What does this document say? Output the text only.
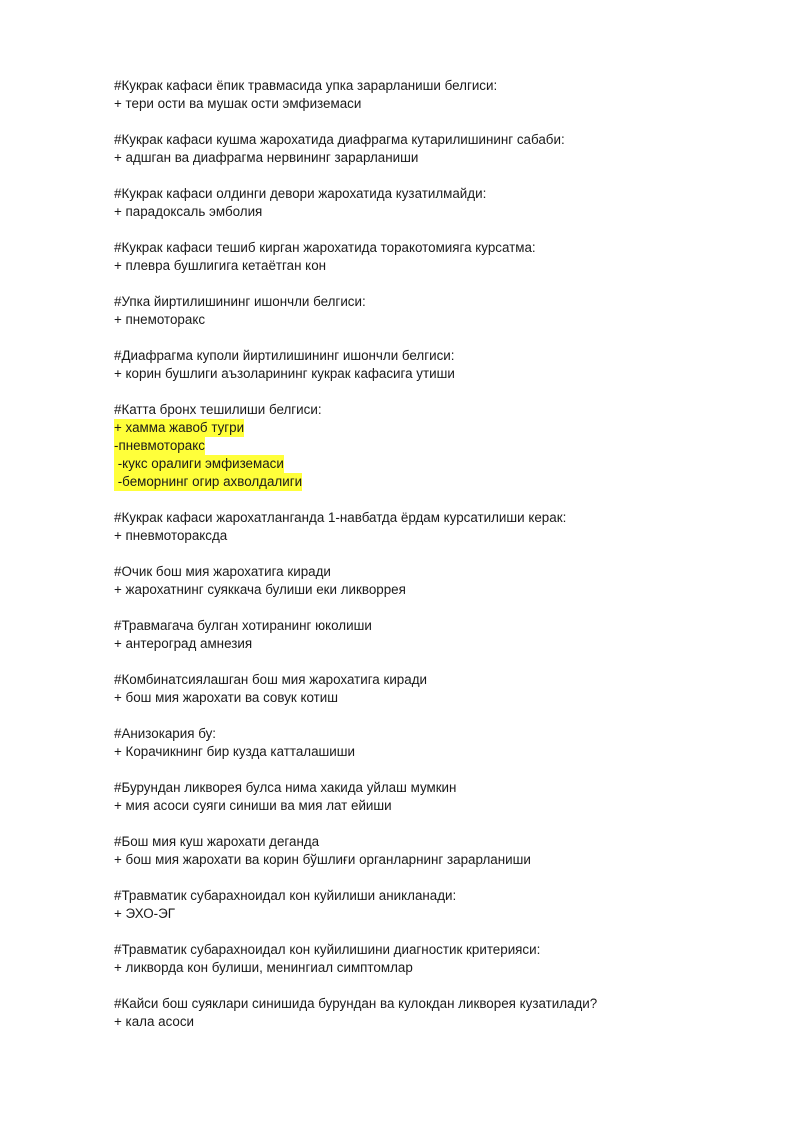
#Кукрак кафаси ёпик травмасида упка зарарланиши белгиси:
+ тери ости ва мушак ости эмфиземаси
#Кукрак кафаси кушма жарохатида диафрагма кутарилишининг сабаби:
+ адшган ва диафрагма нервининг зарарланиши
#Кукрак кафаси олдинги девори жарохатида кузатилмайди:
+ парадоксаль эмболия
#Кукрак кафаси тешиб кирган жарохатида торакотомияга курсатма:
+ плевра бушлигига кетаётган кон
#Упка йиртилишининг ишончли белгиси:
+ пнемоторакс
#Диафрагма куполи йиртилишининг ишончли белгиси:
+ корин бушлиги аъзоларининг кукрак кафасига утиши
#Катта бронх тешилиши белгиси:
+ хамма жавоб тугри
-пневмоторакс
-кукс оралиги эмфиземаси
-беморнинг огир ахволдалиги
#Кукрак кафаси жарохатланганда 1-навбатда ёрдам курсатилиши керак:
+ пневмотораксда
#Очик бош мия жарохатига киради
+ жарохатнинг суяккача булиши еки ликворрея
#Травмагача булган хотиранинг юколиши
+ антероград амнезия
#Комбинатсиялашган бош мия жарохатига киради
+ бош мия жарохати ва совук котиш
#Анизокария бу:
+ Корачикнинг бир кузда катталашиши
#Бурундан ликворея булса нима хакида уйлаш мумкин
+ мия асоси суяги синиши ва мия лат ейиши
#Бош мия куш жарохати деганда
+ бош мия жарохати ва корин бўшлиғи органларнинг зарарланиши
#Травматик субарахноидал кон куйилиши аникланади:
+ ЭХО-ЭГ
#Травматик субарахноидал кон куйилишини диагностик критерияси:
+ ликворда кон булиши, менингиал симптомлар
#Кайси бош суяклари синишида бурундан ва кулокдан ликворея кузатилади?
+ кала асоси
